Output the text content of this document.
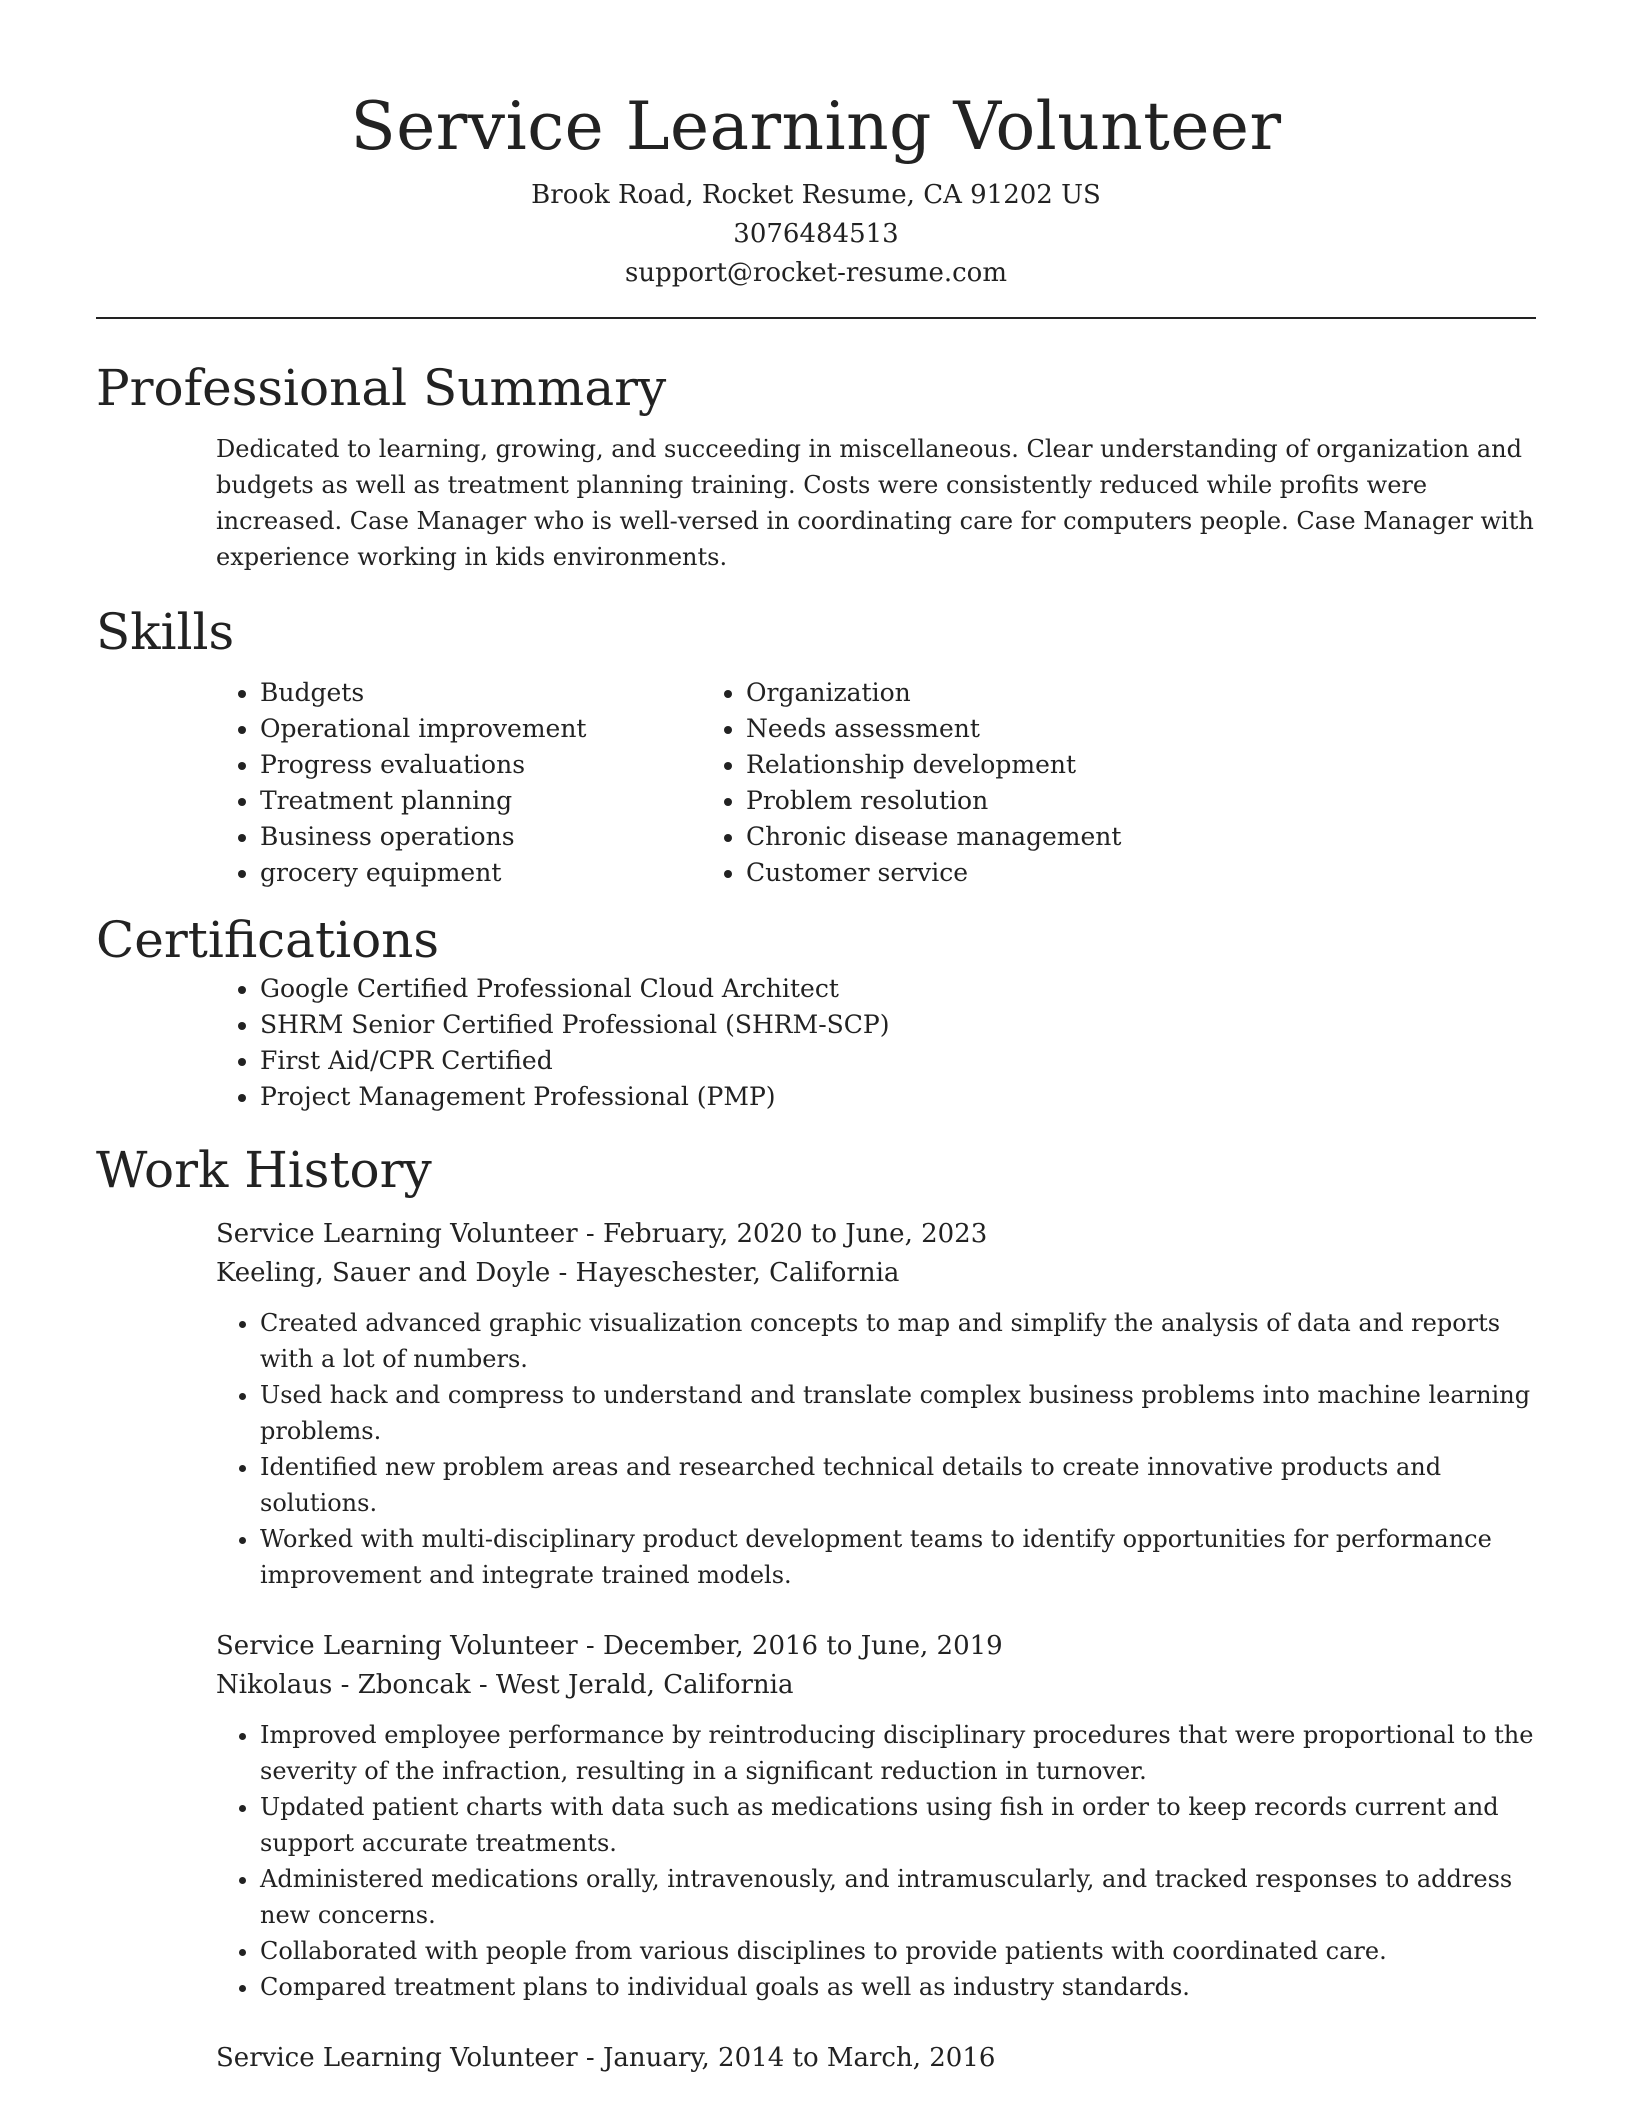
Service Learning Volunteer

Brook Road, Rocket Resume, CA 91202 US

3076484513

support@rocket-resume.com

Professional Summary

Dedicated to learning, growing, and succeeding in miscellaneous. Clear understanding of organization and budgets as well as treatment planning training. Costs were consistently reduced while profits were increased. Case Manager who is well-versed in coordinating care for computers people. Case Manager with experience working in kids environments.

Skills
• Budgets
• Operational improvement
• Progress evaluations
• Treatment planning
• Business operations
• grocery equipment
• Organization
• Needs assessment
• Relationship development
• Problem resolution
• Chronic disease management
• Customer service
Certifications
• Google Certified Professional Cloud Architect
• SHRM Senior Certified Professional (SHRM-SCP)
• First Aid/CPR Certified
• Project Management Professional (PMP)
Work History

Service Learning Volunteer - February, 2020 to June, 2023

Keeling, Sauer and Doyle - Hayeschester, California

• Created advanced graphic visualization concepts to map and simplify the analysis of data and reports with a lot of numbers.
• Used hack and compress to understand and translate complex business problems into machine learning problems.
• Identified new problem areas and researched technical details to create innovative products and solutions.
• Worked with multi-disciplinary product development teams to identify opportunities for performance improvement and integrate trained models.

Service Learning Volunteer - December, 2016 to June, 2019

Nikolaus - Zboncak - West Jerald, California

• Improved employee performance by reintroducing disciplinary procedures that were proportional to the severity of the infraction, resulting in a significant reduction in turnover.
• Updated patient charts with data such as medications using fish in order to keep records current and support accurate treatments.
• Administered medications orally, intravenously, and intramuscularly, and tracked responses to address new concerns.
• Collaborated with people from various disciplines to provide patients with coordinated care.
• Compared treatment plans to individual goals as well as industry standards.

Service Learning Volunteer - January, 2014 to March, 2016
